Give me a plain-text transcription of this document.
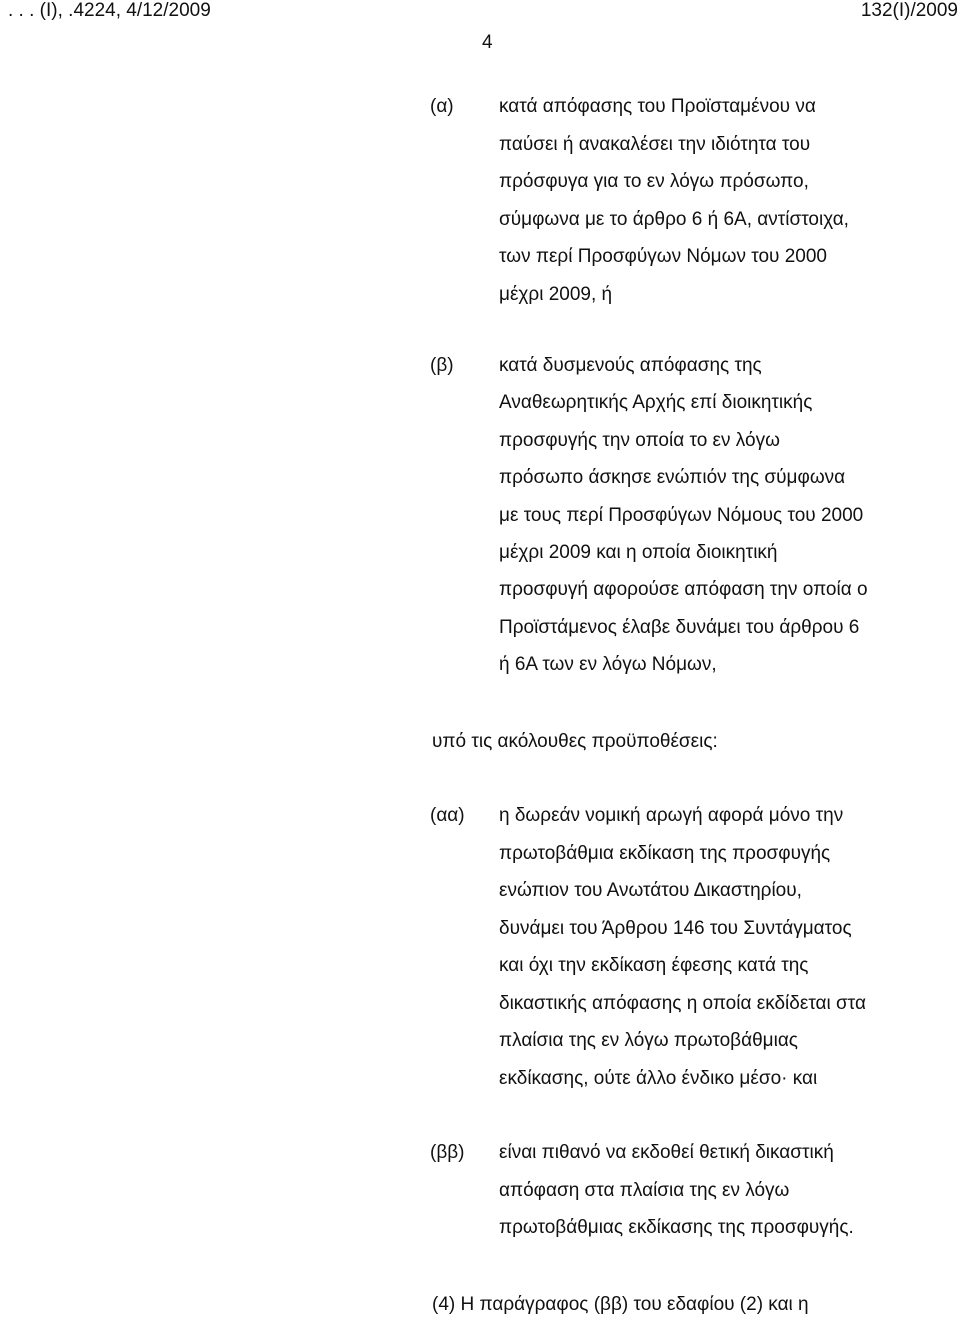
. . . (Ι), .4224, 4/12/2009	132(Ι)/2009
4
(α) κατά απόφασης του Προϊσταμένου να
παύσει ή ανακαλέσει την ιδιότητα του
πρόσφυγα για το εν λόγω πρόσωπο,
σύμφωνα με το άρθρο 6 ή 6Α, αντίστοιχα,
των περί Προσφύγων Νόμων του 2000
μέχρι 2009, ή
(β) κατά δυσμενούς απόφασης της
Αναθεωρητικής Αρχής επί διοικητικής
προσφυγής την οποία το εν λόγω
πρόσωπο άσκησε ενώπιόν της σύμφωνα
με τους περί Προσφύγων Νόμους του 2000
μέχρι 2009 και η οποία διοικητική
προσφυγή αφορούσε απόφαση την οποία ο
Προϊστάμενος έλαβε δυνάμει του άρθρου 6
ή 6Α των εν λόγω Νόμων,
υπό τις ακόλουθες προϋποθέσεις:
(αα) η δωρεάν νομική αρωγή αφορά μόνο την
πρωτοβάθμια εκδίκαση της προσφυγής
ενώπιον του Ανωτάτου Δικαστηρίου,
δυνάμει του Άρθρου 146 του Συντάγματος
και όχι την εκδίκαση έφεσης κατά της
δικαστικής απόφασης η οποία εκδίδεται στα
πλαίσια της εν λόγω πρωτοβάθμιας
εκδίκασης, ούτε άλλο ένδικο μέσο· και
(ββ) είναι πιθανό να εκδοθεί θετική δικαστική
απόφαση στα πλαίσια της εν λόγω
πρωτοβάθμιας εκδίκασης της προσφυγής.
(4) Η παράγραφος (ββ) του εδαφίου (2) και η
